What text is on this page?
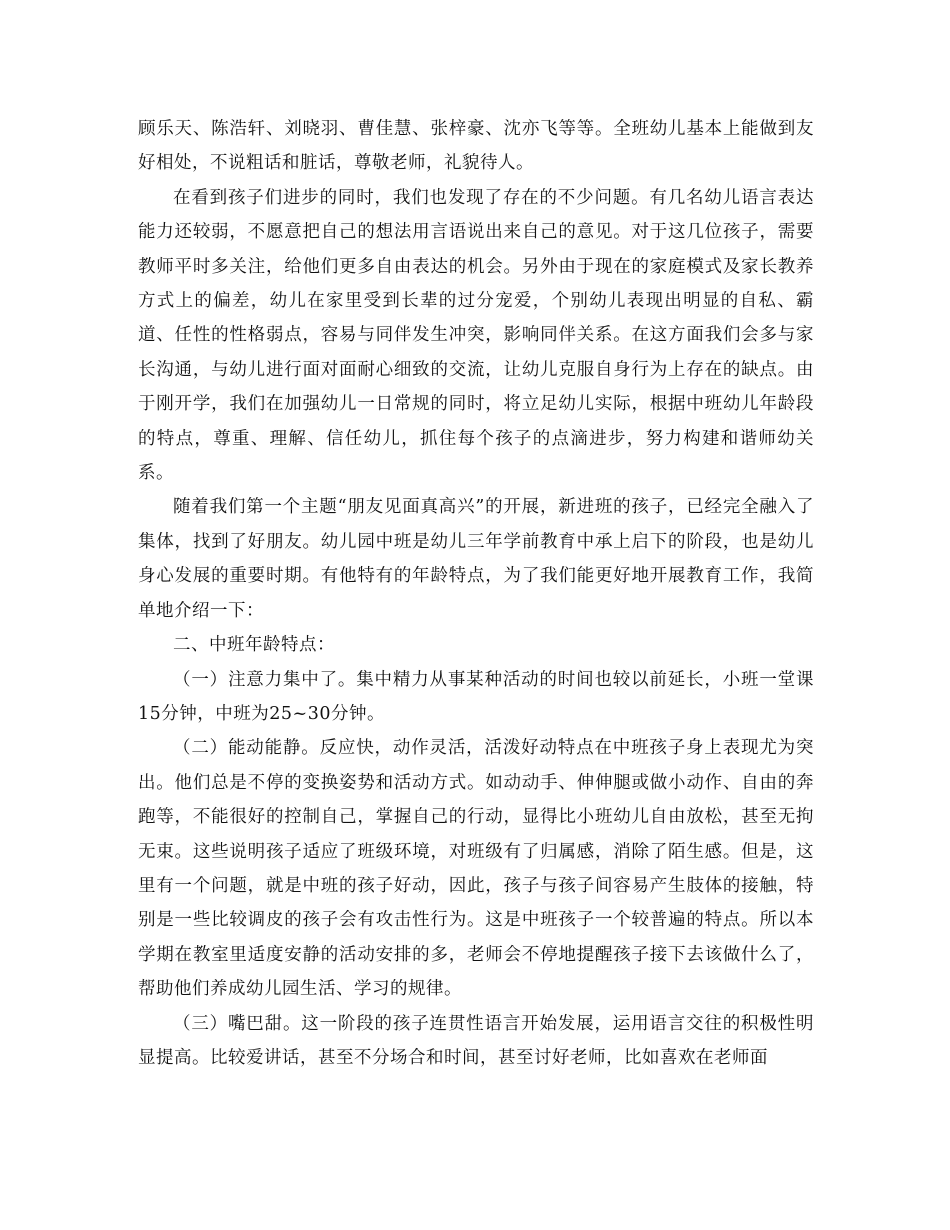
顾乐天、陈浩轩、刘晓羽、曹佳慧、张梓豪、沈亦飞等等。全班幼儿基本上能做到友好相处，不说粗话和脏话，尊敬老师，礼貌待人。

在看到孩子们进步的同时，我们也发现了存在的不少问题。有几名幼儿语言表达能力还较弱，不愿意把自己的想法用言语说出来自己的意见。对于这几位孩子，需要教师平时多关注，给他们更多自由表达的机会。另外由于现在的家庭模式及家长教养方式上的偏差，幼儿在家里受到长辈的过分宠爱，个别幼儿表现出明显的自私、霸道、任性的性格弱点，容易与同伴发生冲突，影响同伴关系。在这方面我们会多与家长沟通，与幼儿进行面对面耐心细致的交流，让幼儿克服自身行为上存在的缺点。由于刚开学，我们在加强幼儿一日常规的同时，将立足幼儿实际，根据中班幼儿年龄段的特点，尊重、理解、信任幼儿，抓住每个孩子的点滴进步，努力构建和谐师幼关系。

随着我们第一个主题“朋友见面真高兴”的开展，新进班的孩子，已经完全融入了集体，找到了好朋友。幼儿园中班是幼儿三年学前教育中承上启下的阶段，也是幼儿身心发展的重要时期。有他特有的年龄特点，为了我们能更好地开展教育工作，我简单地介绍一下：

二、中班年龄特点：

（一）注意力集中了。集中精力从事某种活动的时间也较以前延长，小班一堂课15分钟，中班为25~30分钟。

（二）能动能静。反应快，动作灵活，活泼好动特点在中班孩子身上表现尤为突出。他们总是不停的变换姿势和活动方式。如动动手、伸伸腿或做小动作、自由的奔跑等，不能很好的控制自己，掌握自己的行动，显得比小班幼儿自由放松，甚至无拘无束。这些说明孩子适应了班级环境，对班级有了归属感，消除了陌生感。但是，这里有一个问题，就是中班的孩子好动，因此，孩子与孩子间容易产生肢体的接触，特别是一些比较调皮的孩子会有攻击性行为。这是中班孩子一个较普遍的特点。所以本学期在教室里适度安静的活动安排的多，老师会不停地提醒孩子接下去该做什么了，帮助他们养成幼儿园生活、学习的规律。

（三）嘴巴甜。这一阶段的孩子连贯性语言开始发展，运用语言交往的积极性明显提高。比较爱讲话，甚至不分场合和时间，甚至讨好老师，比如喜欢在老师面
